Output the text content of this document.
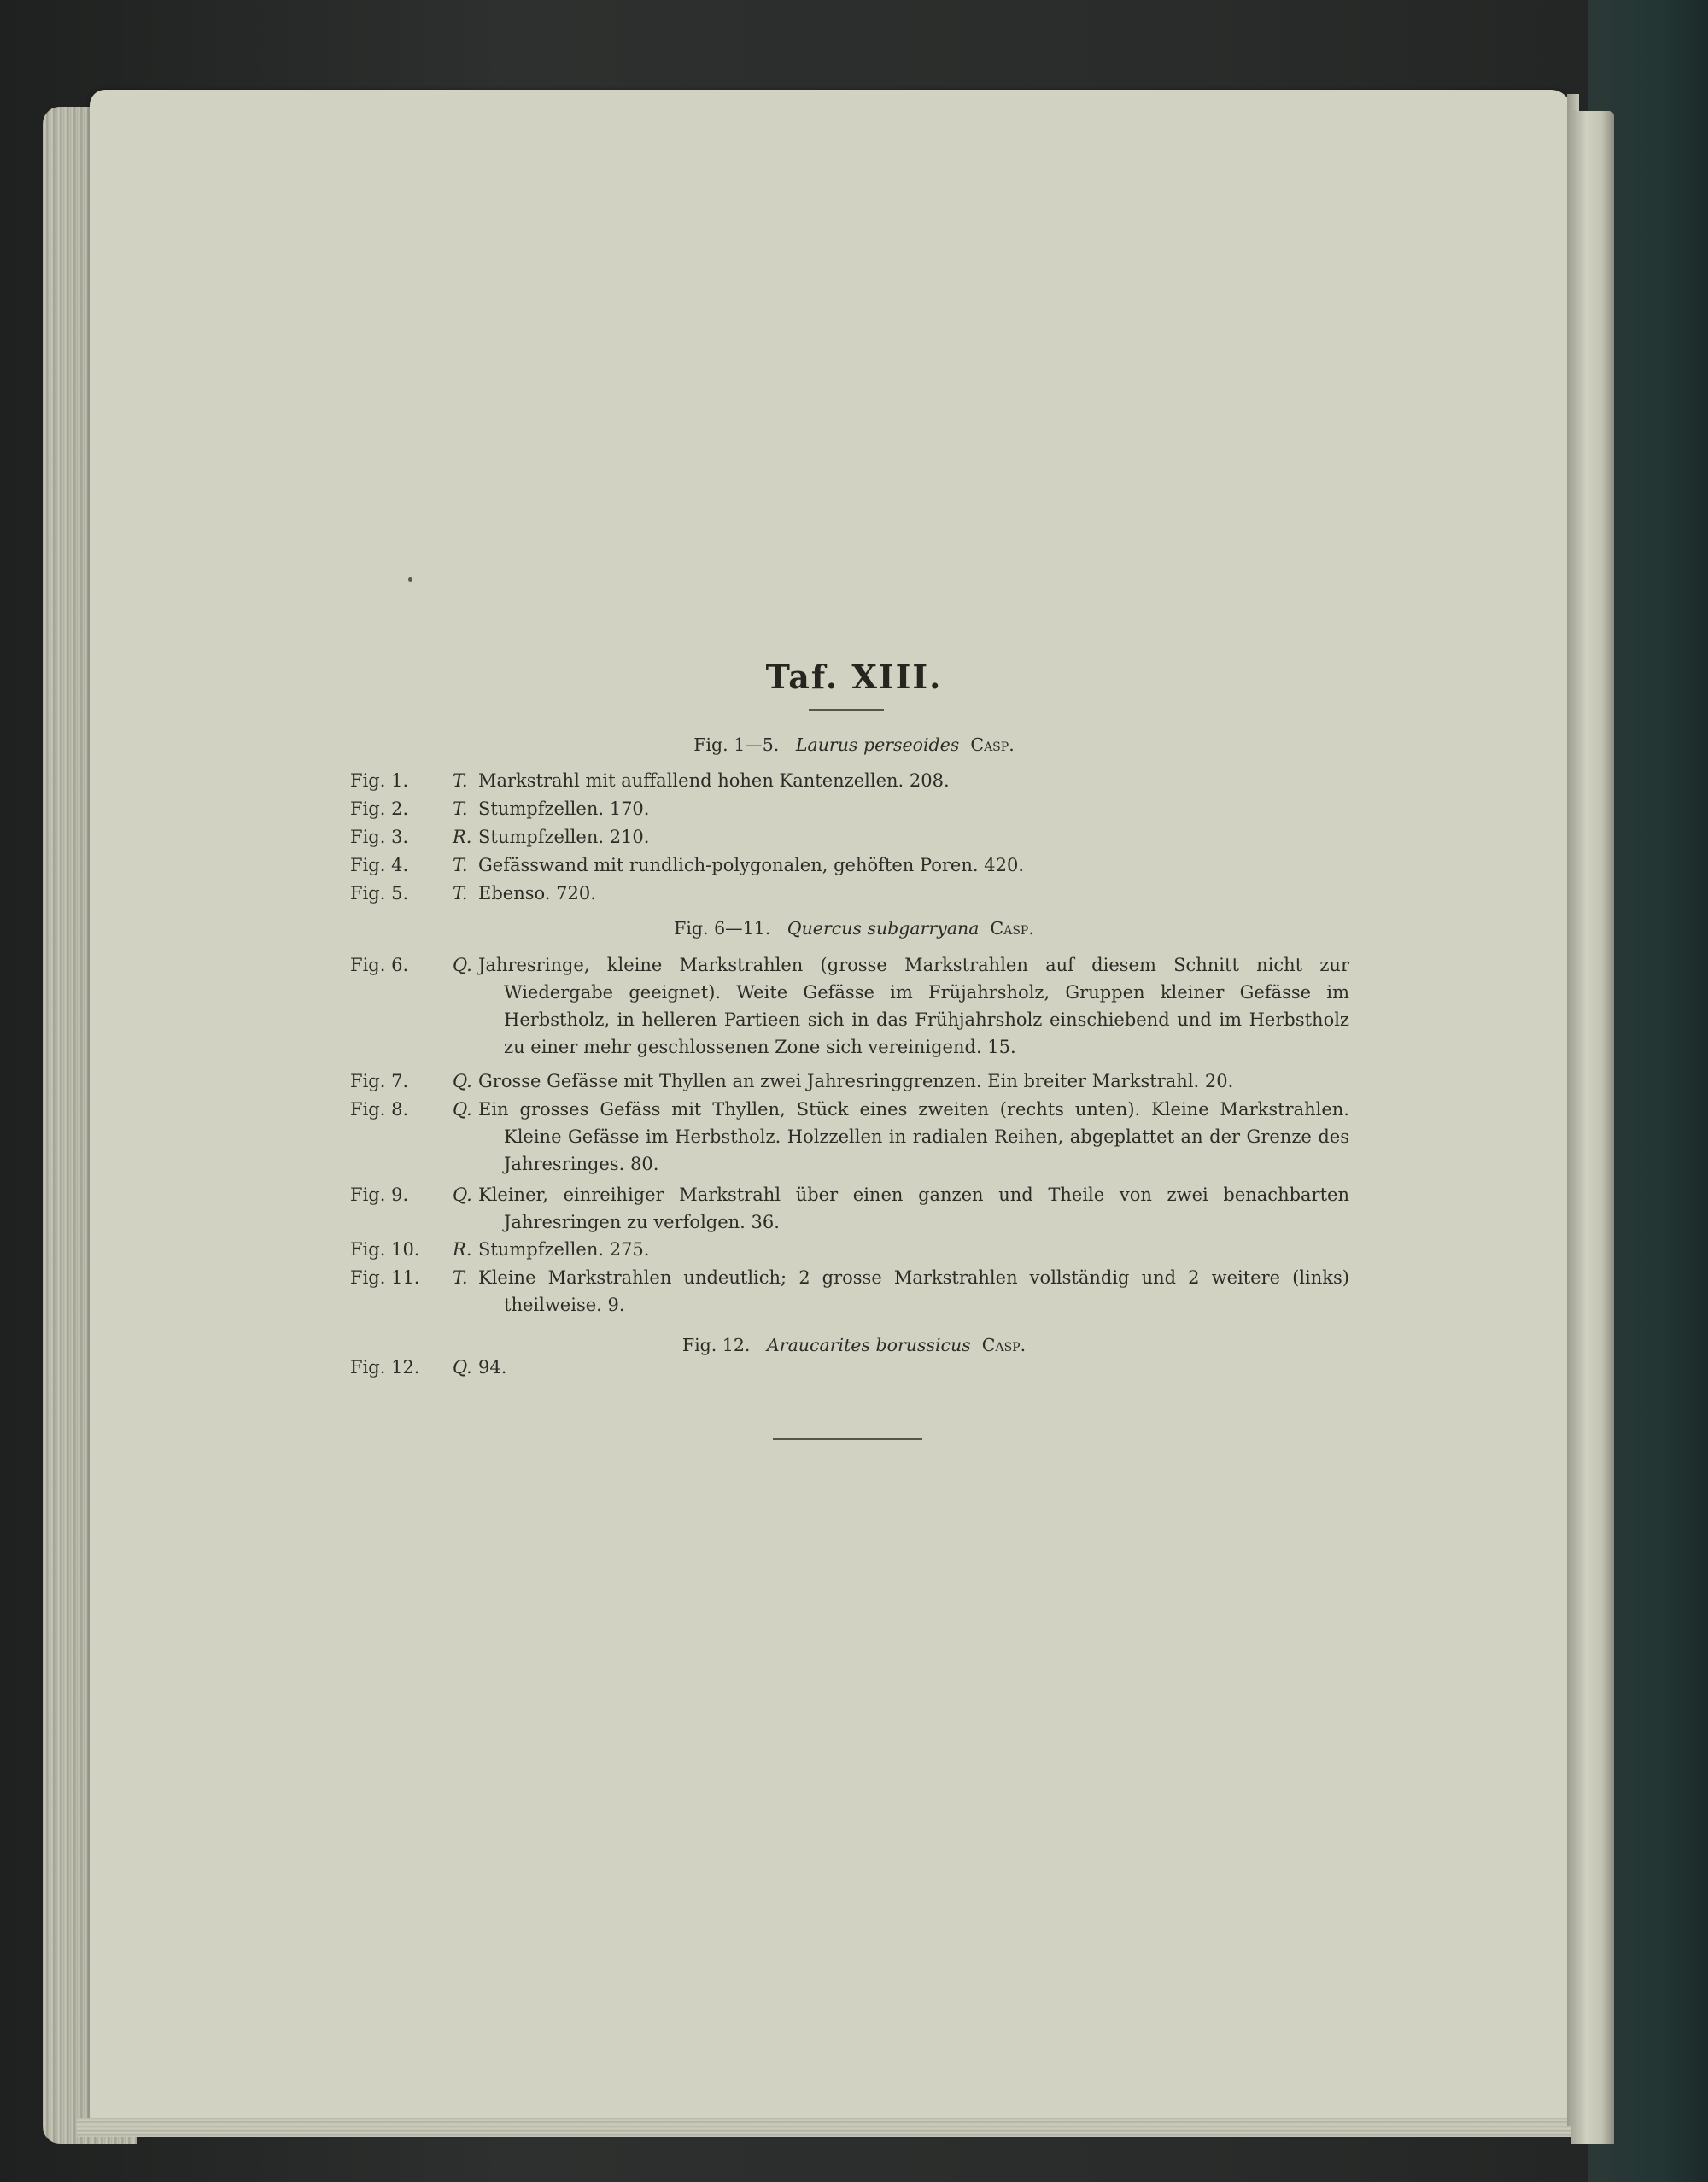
Taf. XIII.
Fig. 1—5. Laurus perseoides Casp.
Fig. 1.	T. Markstrahl mit auffallend hohen Kantenzellen. 208.
Fig. 2.	T. Stumpfzellen. 170.
Fig. 3.	R. Stumpfzellen. 210.
Fig. 4.	T. Gefässwand mit rundlich-polygonalen, gehöften Poren. 420.
Fig. 5.	T. Ebenso. 720.
Fig. 6—11. Quercus subgarryana Casp.
Fig. 6.	Q. Jahresringe, kleine Markstrahlen (grosse Markstrahlen auf diesem Schnitt nicht zur Wiedergabe geeignet). Weite Gefässe im Früjahrsholz, Gruppen kleiner Gefässe im Herbstholz, in helleren Partieen sich in das Frühjahrsholz einschiebend und im Herbstholz zu einer mehr geschlossenen Zone sich vereinigend. 15.
Fig. 7.	Q. Grosse Gefässe mit Thyllen an zwei Jahresringgrenzen. Ein breiter Markstrahl. 20.
Fig. 8.	Q. Ein grosses Gefäss mit Thyllen, Stück eines zweiten (rechts unten). Kleine Markstrahlen. Kleine Gefässe im Herbstholz. Holzzellen in radialen Reihen, abgeplattet an der Grenze des Jahresringes. 80.
Fig. 9.	Q. Kleiner, einreihiger Markstrahl über einen ganzen und Theile von zwei benachbarten Jahresringen zu verfolgen. 36.
Fig. 10.	R. Stumpfzellen. 275.
Fig. 11.	T. Kleine Markstrahlen undeutlich; 2 grosse Markstrahlen vollständig und 2 weitere (links) theilweise. 9.
Fig. 12. Araucarites borussicus Casp.
Fig. 12.	Q. 94.
